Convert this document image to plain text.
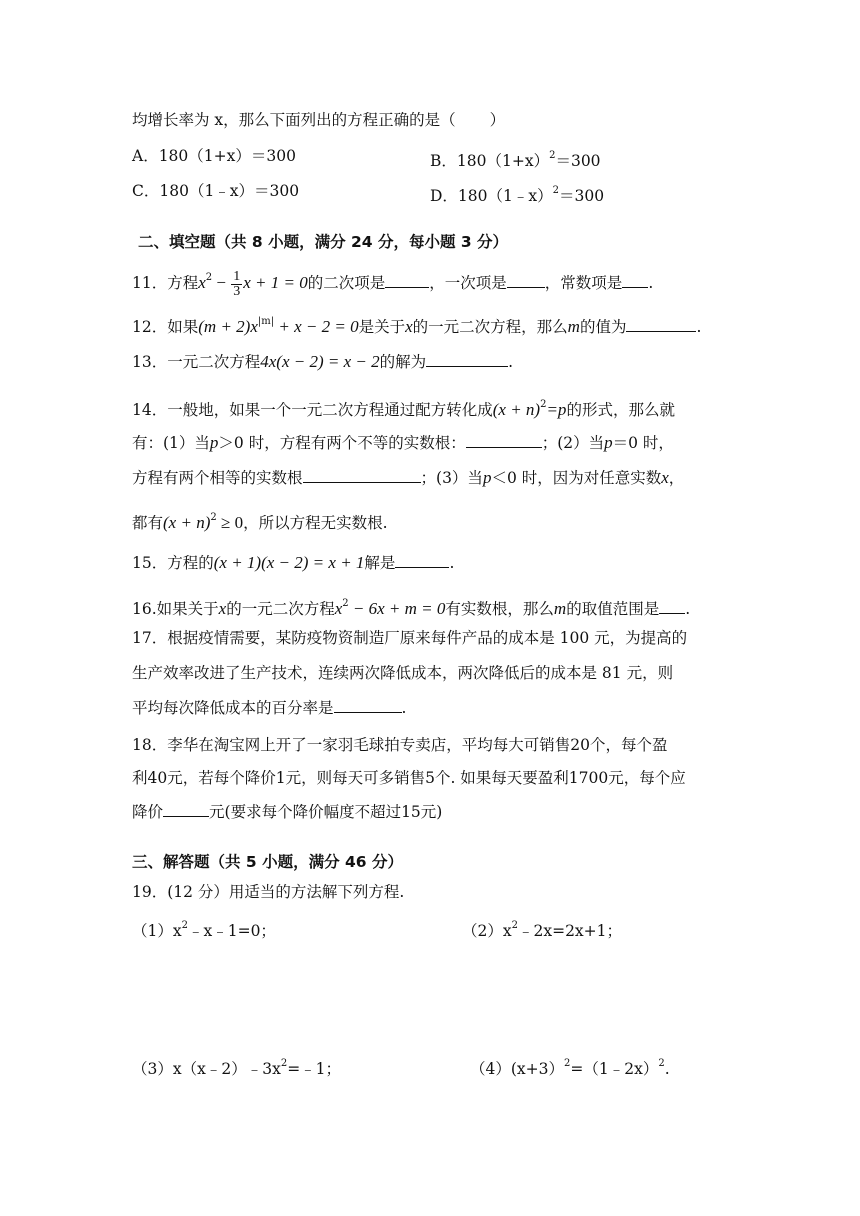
均增长率为 x，那么下面列出的方程正确的是（ ）
A．180（1+x）＝300	B．$180(1+x)^2=300$
C．180（1﹣x）＝300	D．180（1﹣x）$^2$＝300
二、填空题（共 8 小题，满分 24 分，每小题 3 分）
11．方程$x^2 - \frac{1}{3}$ x + 1 = 0的二次项是	，一次项是 ，常数项是 .
12．如果$(m + 2)x^{|m|} + x - 2 = 0$是关于x的一元二次方程，那么m的值为	.
13．一元二次方程4x(x − 2) = x − 2的解为	.
14．一般地，如果一个一元二次方程通过配方转化成$(x + n)^2=p$的形式，那么就
有：(1）当p＞0 时，方程有两个不等的实数根：	；(2）当p＝0 时，
方程有两个相等的实数根	；(3）当p＜0 时，因为对任意实数x，
都有$(x + n)^2 \ge 0$，所以方程无实数根.
15．方程的(x + 1)(x − 2) = x + 1解是	.
16.如果关于x的一元二次方程$x^2 - 6x + m = 0$有实数根，那么m的取值范围是 .
17．根据疫情需要，某防疫物资制造厂原来每件产品的成本是 100 元，为提高的
生产效率改进了生产技术，连续两次降低成本，两次降低后的成本是 81 元，则
平均每次降低成本的百分率是	.
18．李华在淘宝网上开了一家羽毛球拍专卖店，平均每大可销售20个，每个盈
利40元，若每个降价1元，则每天可多销售5个. 如果每天要盈利1700元，每个应
降价	元(要求每个降价幅度不超过15元)
三、解答题（共 5 小题，满分 46 分）
19．(12 分）用适当的方法解下列方程.
$(1)x^2﹣x﹣1=0$；	$(2)x^2﹣2x=2x+1$；
$(3)x(x﹣2)﹣3x^2=﹣1$；	（4）(x+3）$^2$=（1﹣2x）$^2$.
